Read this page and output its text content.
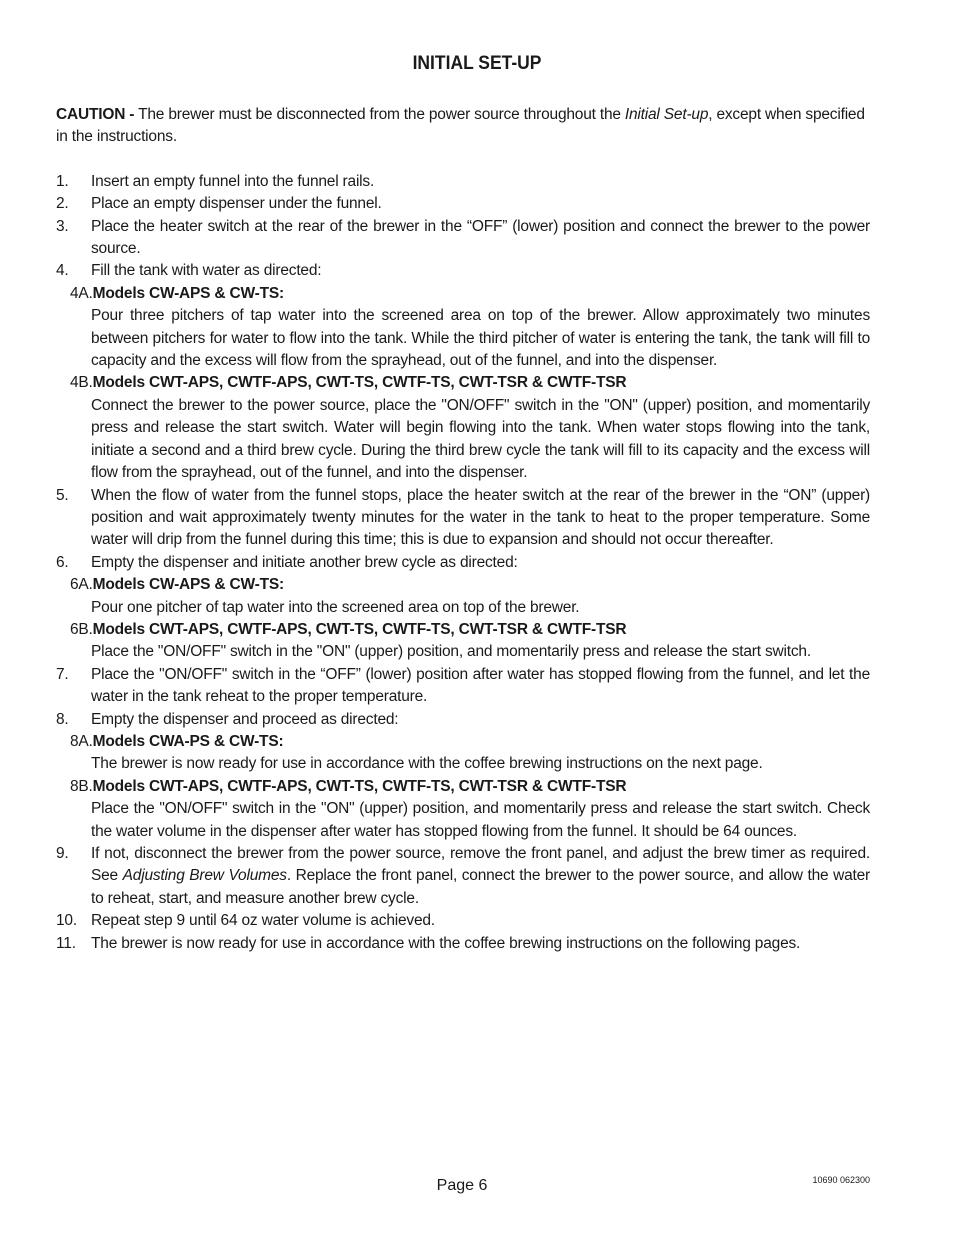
INITIAL SET-UP

CAUTION - The brewer must be disconnected from the power source throughout the Initial Set-up, except when specified in the instructions.

1.	Insert an empty funnel into the funnel rails.
2.	Place an empty dispenser under the funnel.
3.	Place the heater switch at the rear of the brewer in the “OFF” (lower) position and connect the brewer to the power source.
4.	Fill the tank with water as directed:
4A. Models CW-APS & CW-TS:
Pour three pitchers of tap water into the screened area on top of the brewer. Allow approximately two minutes between pitchers for water to flow into the tank. While the third pitcher of water is entering the tank, the tank will fill to capacity and the excess will flow from the sprayhead, out of the funnel, and into the dispenser.
4B. Models CWT-APS, CWTF-APS, CWT-TS, CWTF-TS, CWT-TSR & CWTF-TSR
Connect the brewer to the power source, place the "ON/OFF" switch in the "ON" (upper) position, and momentarily press and release the start switch. Water will begin flowing into the tank. When water stops flowing into the tank, initiate a second and a third brew cycle. During the third brew cycle the tank will fill to its capacity and the excess will flow from the sprayhead, out of the funnel, and into the dispenser.
5.	When the flow of water from the funnel stops, place the heater switch at the rear of the brewer in the “ON” (upper) position and wait approximately twenty minutes for the water in the tank to heat to the proper temperature. Some water will drip from the funnel during this time; this is due to expansion and should not occur thereafter.
6.	Empty the dispenser and initiate another brew cycle as directed:
6A. Models CW-APS & CW-TS:
Pour one pitcher of tap water into the screened area on top of the brewer.
6B. Models CWT-APS, CWTF-APS, CWT-TS, CWTF-TS, CWT-TSR & CWTF-TSR
Place the "ON/OFF" switch in the "ON" (upper) position, and momentarily press and release the start switch.
7.	Place the "ON/OFF" switch in the “OFF” (lower) position after water has stopped flowing from the funnel, and let the water in the tank reheat to the proper temperature.
8.	Empty the dispenser and proceed as directed:
8A. Models CWA-PS & CW-TS:
The brewer is now ready for use in accordance with the coffee brewing instructions on the next page.
8B. Models CWT-APS, CWTF-APS, CWT-TS, CWTF-TS, CWT-TSR & CWTF-TSR
Place the "ON/OFF" switch in the "ON" (upper) position, and momentarily press and release the start switch. Check the water volume in the dispenser after water has stopped flowing from the funnel. It should be 64 ounces.
9.	If not, disconnect the brewer from the power source, remove the front panel, and adjust the brew timer as required. See Adjusting Brew Volumes. Replace the front panel, connect the brewer to the power source, and allow the water to reheat, start, and measure another brew cycle.
10. Repeat step 9 until 64 oz water volume is achieved.
11. The brewer is now ready for use in accordance with the coffee brewing instructions on the following pages.
Page 6	10690 062300
